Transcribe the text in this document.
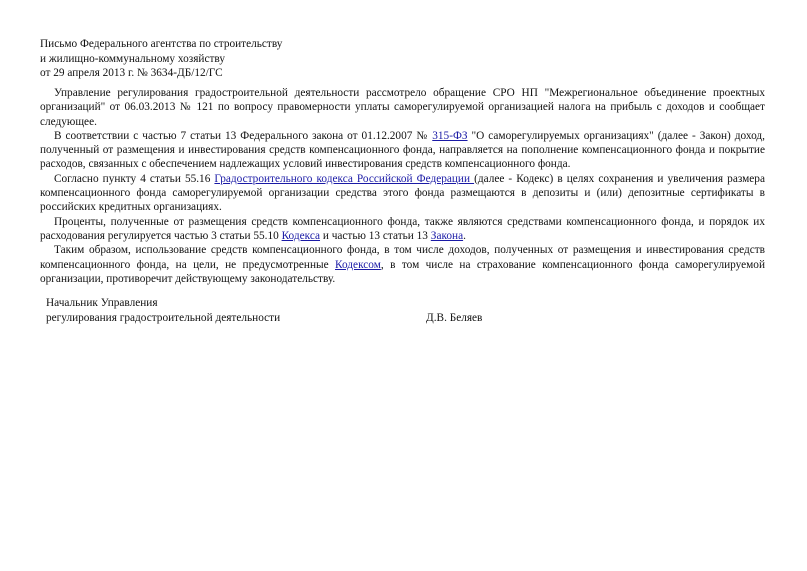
Письмо Федерального агентства по строительству
и жилищно-коммунальному хозяйству
от 29 апреля 2013 г. № 3634-ДБ/12/ГС

Управление регулирования градостроительной деятельности рассмотрело обращение СРО НП "Межрегиональное объединение проектных организаций" от 06.03.2013 № 121 по вопросу правомерности уплаты саморегулируемой организацией налога на прибыль с доходов и сообщает следующее.

В соответствии с частью 7 статьи 13 Федерального закона от 01.12.2007 № 315-ФЗ "О саморегулируемых организациях" (далее - Закон) доход, полученный от размещения и инвестирования средств компенсационного фонда, направляется на пополнение компенсационного фонда и покрытие расходов, связанных с обеспечением надлежащих условий инвестирования средств компенсационного фонда.

Согласно пункту 4 статьи 55.16 Градостроительного кодекса Российской Федерации (далее - Кодекс) в целях сохранения и увеличения размера компенсационного фонда саморегулируемой организации средства этого фонда размещаются в депозиты и (или) депозитные сертификаты в российских кредитных организациях.

Проценты, полученные от размещения средств компенсационного фонда, также являются средствами компенсационного фонда, и порядок их расходования регулируется частью 3 статьи 55.10 Кодекса и частью 13 статьи 13 Закона.

Таким образом, использование средств компенсационного фонда, в том числе доходов, полученных от размещения и инвестирования средств компенсационного фонда, на цели, не предусмотренные Кодексом, в том числе на страхование компенсационного фонда саморегулируемой организации, противоречит действующему законодательству.

Начальник Управления
регулирования градостроительной деятельности	Д.В. Беляев
